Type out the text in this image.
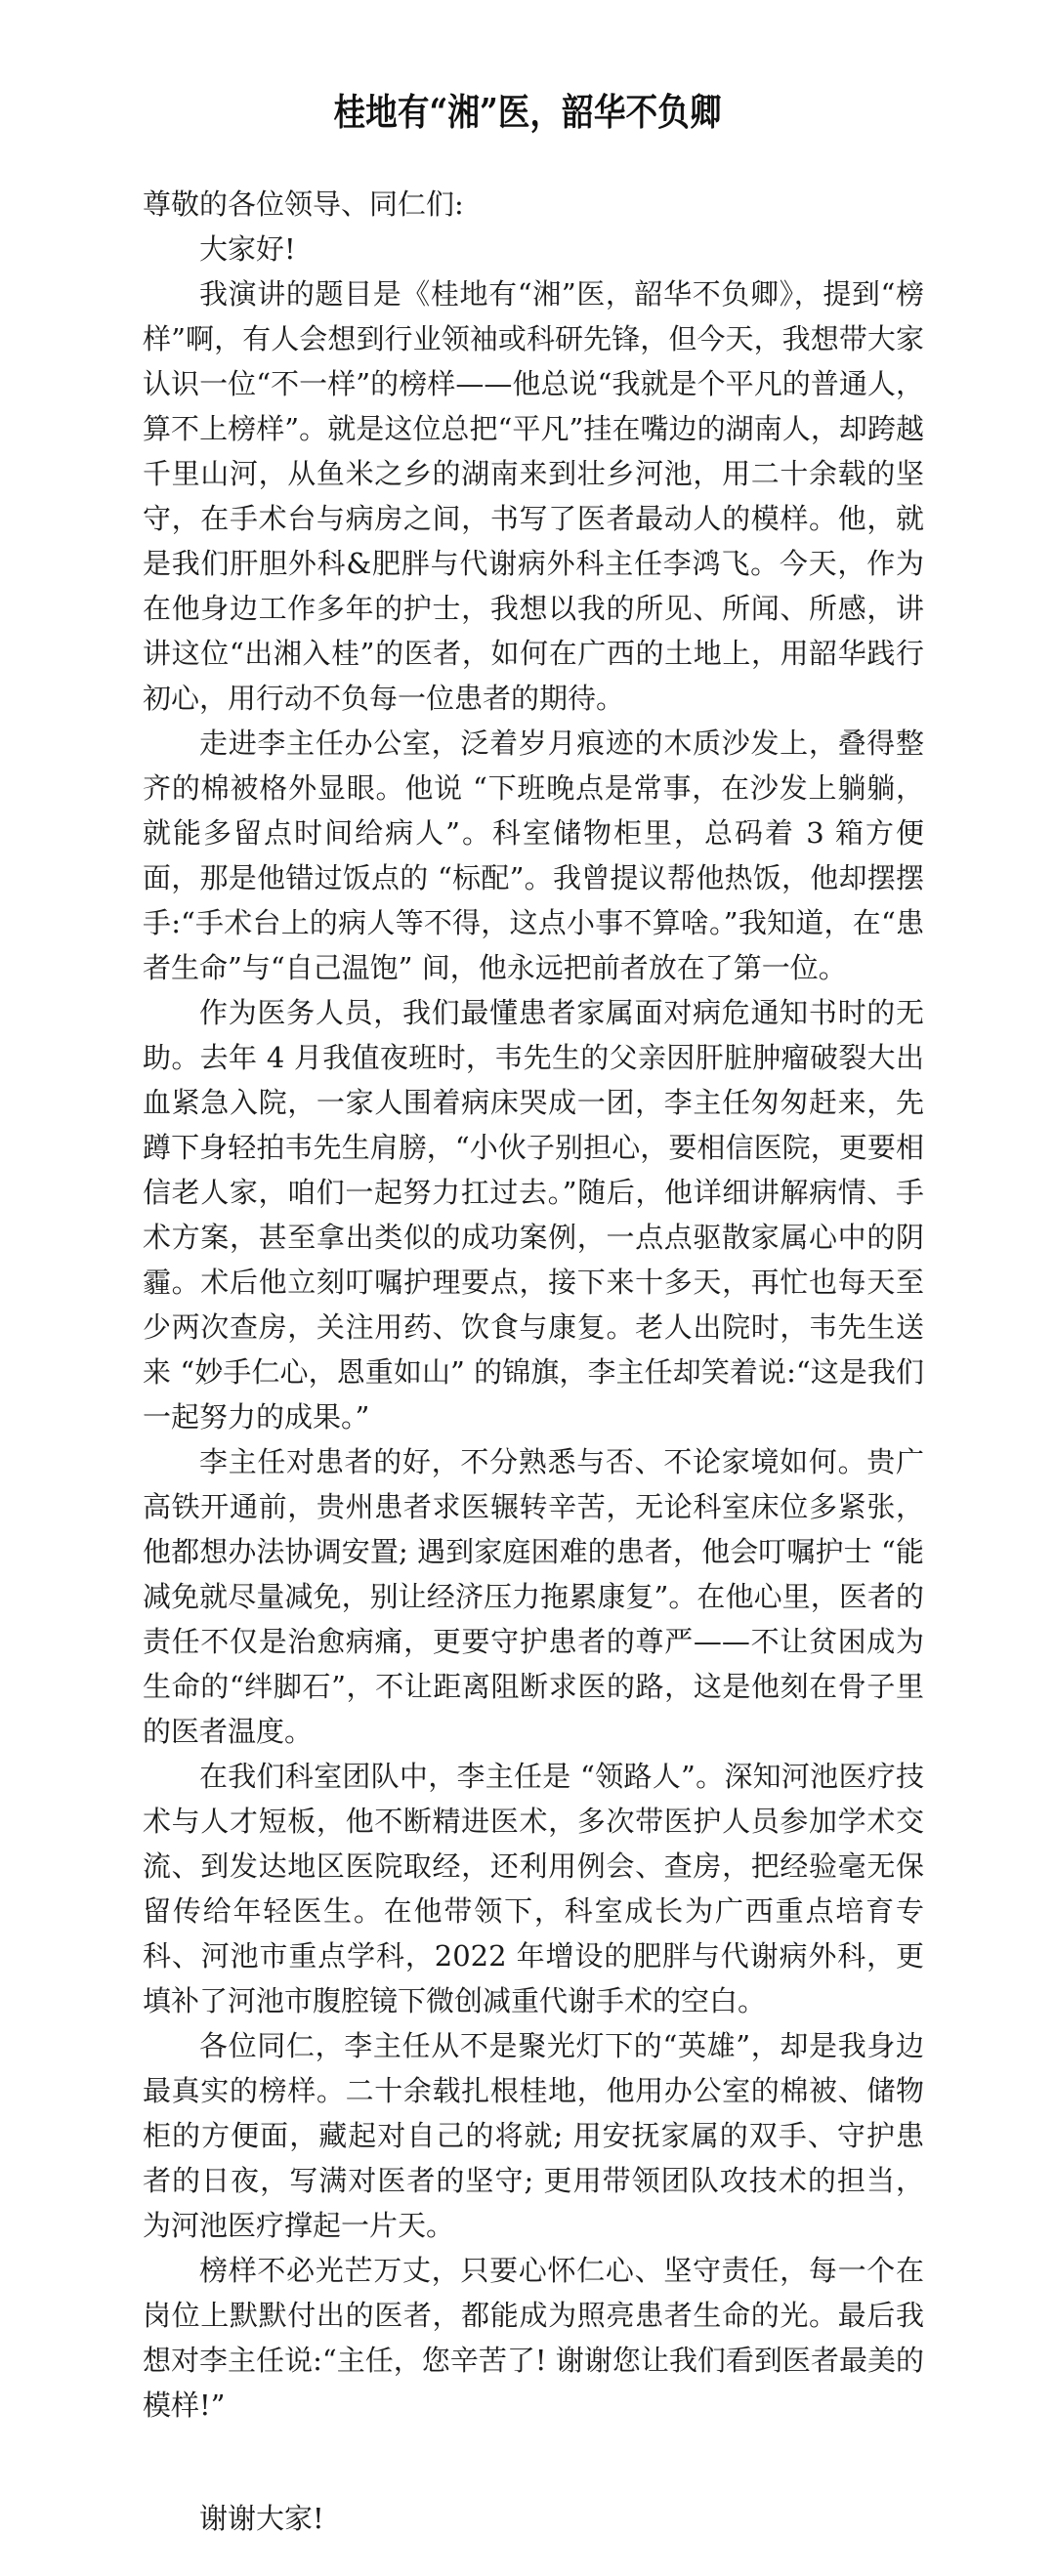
桂地有“湘”医，韶华不负卿

尊敬的各位领导、同仁们:

大家好!

我演讲的题目是《桂地有“湘”医，韶华不负卿》，提到“榜样”啊，有人会想到行业领袖或科研先锋，但今天，我想带大家认识一位“不一样”的榜样——他总说“我就是个平凡的普通人，算不上榜样”。就是这位总把“平凡”挂在嘴边的湖南人，却跨越千里山河，从鱼米之乡的湖南来到壮乡河池，用二十余载的坚守，在手术台与病房之间，书写了医者最动人的模样。他，就是我们肝胆外科&肥胖与代谢病外科主任李鸿飞。今天，作为在他身边工作多年的护士，我想以我的所见、所闻、所感，讲讲这位“出湘入桂”的医者，如何在广西的土地上，用韶华践行初心，用行动不负每一位患者的期待。

走进李主任办公室，泛着岁月痕迹的木质沙发上，叠得整齐的棉被格外显眼。他说 “下班晚点是常事，在沙发上躺躺，就能多留点时间给病人”。科室储物柜里，总码着 3 箱方便面，那是他错过饭点的 “标配”。我曾提议帮他热饭，他却摆摆手:“手术台上的病人等不得，这点小事不算啥。”我知道，在“患者生命”与“自己温饱” 间，他永远把前者放在了第一位。

作为医务人员，我们最懂患者家属面对病危通知书时的无助。去年 4 月我值夜班时，韦先生的父亲因肝脏肿瘤破裂大出血紧急入院，一家人围着病床哭成一团，李主任匆匆赶来，先蹲下身轻拍韦先生肩膀，“小伙子别担心，要相信医院，更要相信老人家，咱们一起努力扛过去。”随后，他详细讲解病情、手术方案，甚至拿出类似的成功案例，一点点驱散家属心中的阴霾。术后他立刻叮嘱护理要点，接下来十多天，再忙也每天至少两次查房，关注用药、饮食与康复。老人出院时，韦先生送来 “妙手仁心，恩重如山” 的锦旗，李主任却笑着说:“这是我们一起努力的成果。”

李主任对患者的好，不分熟悉与否、不论家境如何。贵广高铁开通前，贵州患者求医辗转辛苦，无论科室床位多紧张，他都想办法协调安置; 遇到家庭困难的患者，他会叮嘱护士 “能减免就尽量减免，别让经济压力拖累康复”。在他心里，医者的责任不仅是治愈病痛，更要守护患者的尊严——不让贫困成为生命的“绊脚石”，不让距离阻断求医的路，这是他刻在骨子里的医者温度。

在我们科室团队中，李主任是 “领路人”。深知河池医疗技术与人才短板，他不断精进医术，多次带医护人员参加学术交流、到发达地区医院取经，还利用例会、查房，把经验毫无保留传给年轻医生。在他带领下，科室成长为广西重点培育专科、河池市重点学科，2022 年增设的肥胖与代谢病外科，更填补了河池市腹腔镜下微创减重代谢手术的空白。

各位同仁，李主任从不是聚光灯下的“英雄”，却是我身边最真实的榜样。二十余载扎根桂地，他用办公室的棉被、储物柜的方便面，藏起对自己的将就; 用安抚家属的双手、守护患者的日夜，写满对医者的坚守; 更用带领团队攻技术的担当，为河池医疗撑起一片天。

榜样不必光芒万丈，只要心怀仁心、坚守责任，每一个在岗位上默默付出的医者，都能成为照亮患者生命的光。最后我想对李主任说:“主任，您辛苦了! 谢谢您让我们看到医者最美的模样!”

谢谢大家!
